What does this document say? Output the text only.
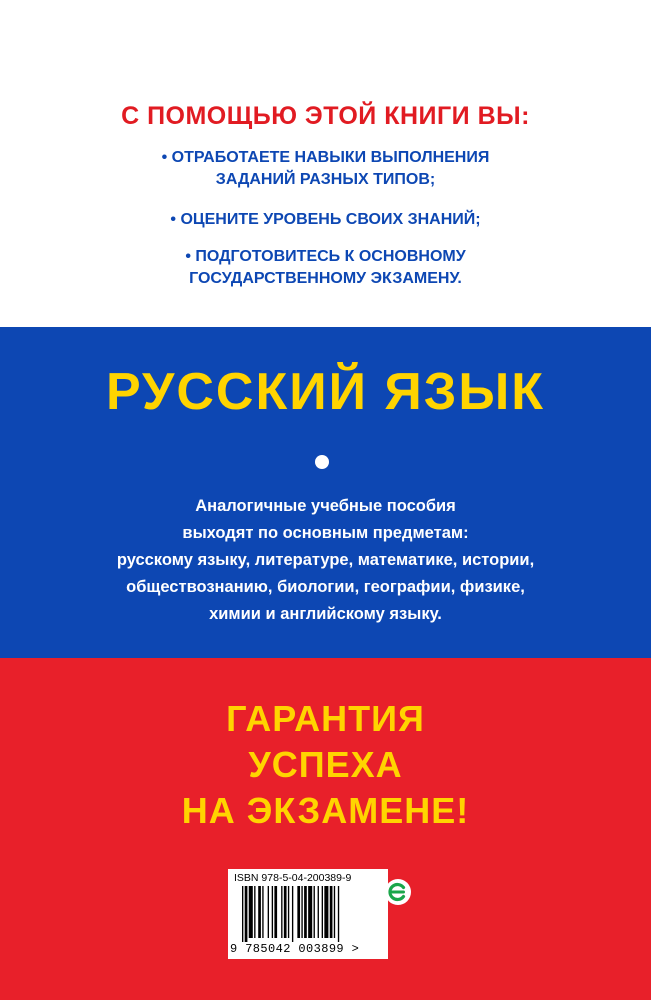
С ПОМОЩЬЮ ЭТОЙ КНИГИ ВЫ:
• ОТРАБОТАЕТЕ НАВЫКИ ВЫПОЛНЕНИЯ
ЗАДАНИЙ РАЗНЫХ ТИПОВ;
• ОЦЕНИТЕ УРОВЕНЬ СВОИХ ЗНАНИЙ;
• ПОДГОТОВИТЕСЬ К ОСНОВНОМУ
ГОСУДАРСТВЕННОМУ ЭКЗАМЕНУ.
РУССКИЙ ЯЗЫК
Аналогичные учебные пособия
выходят по основным предметам:
русскому языку, литературе, математике, истории,
обществознанию, биологии, географии, физике,
химии и английскому языку.
ГАРАНТИЯ
УСПЕХА
НА ЭКЗАМЕНЕ!
ISBN 978-5-04-200389-9
9 785042 003899 >
